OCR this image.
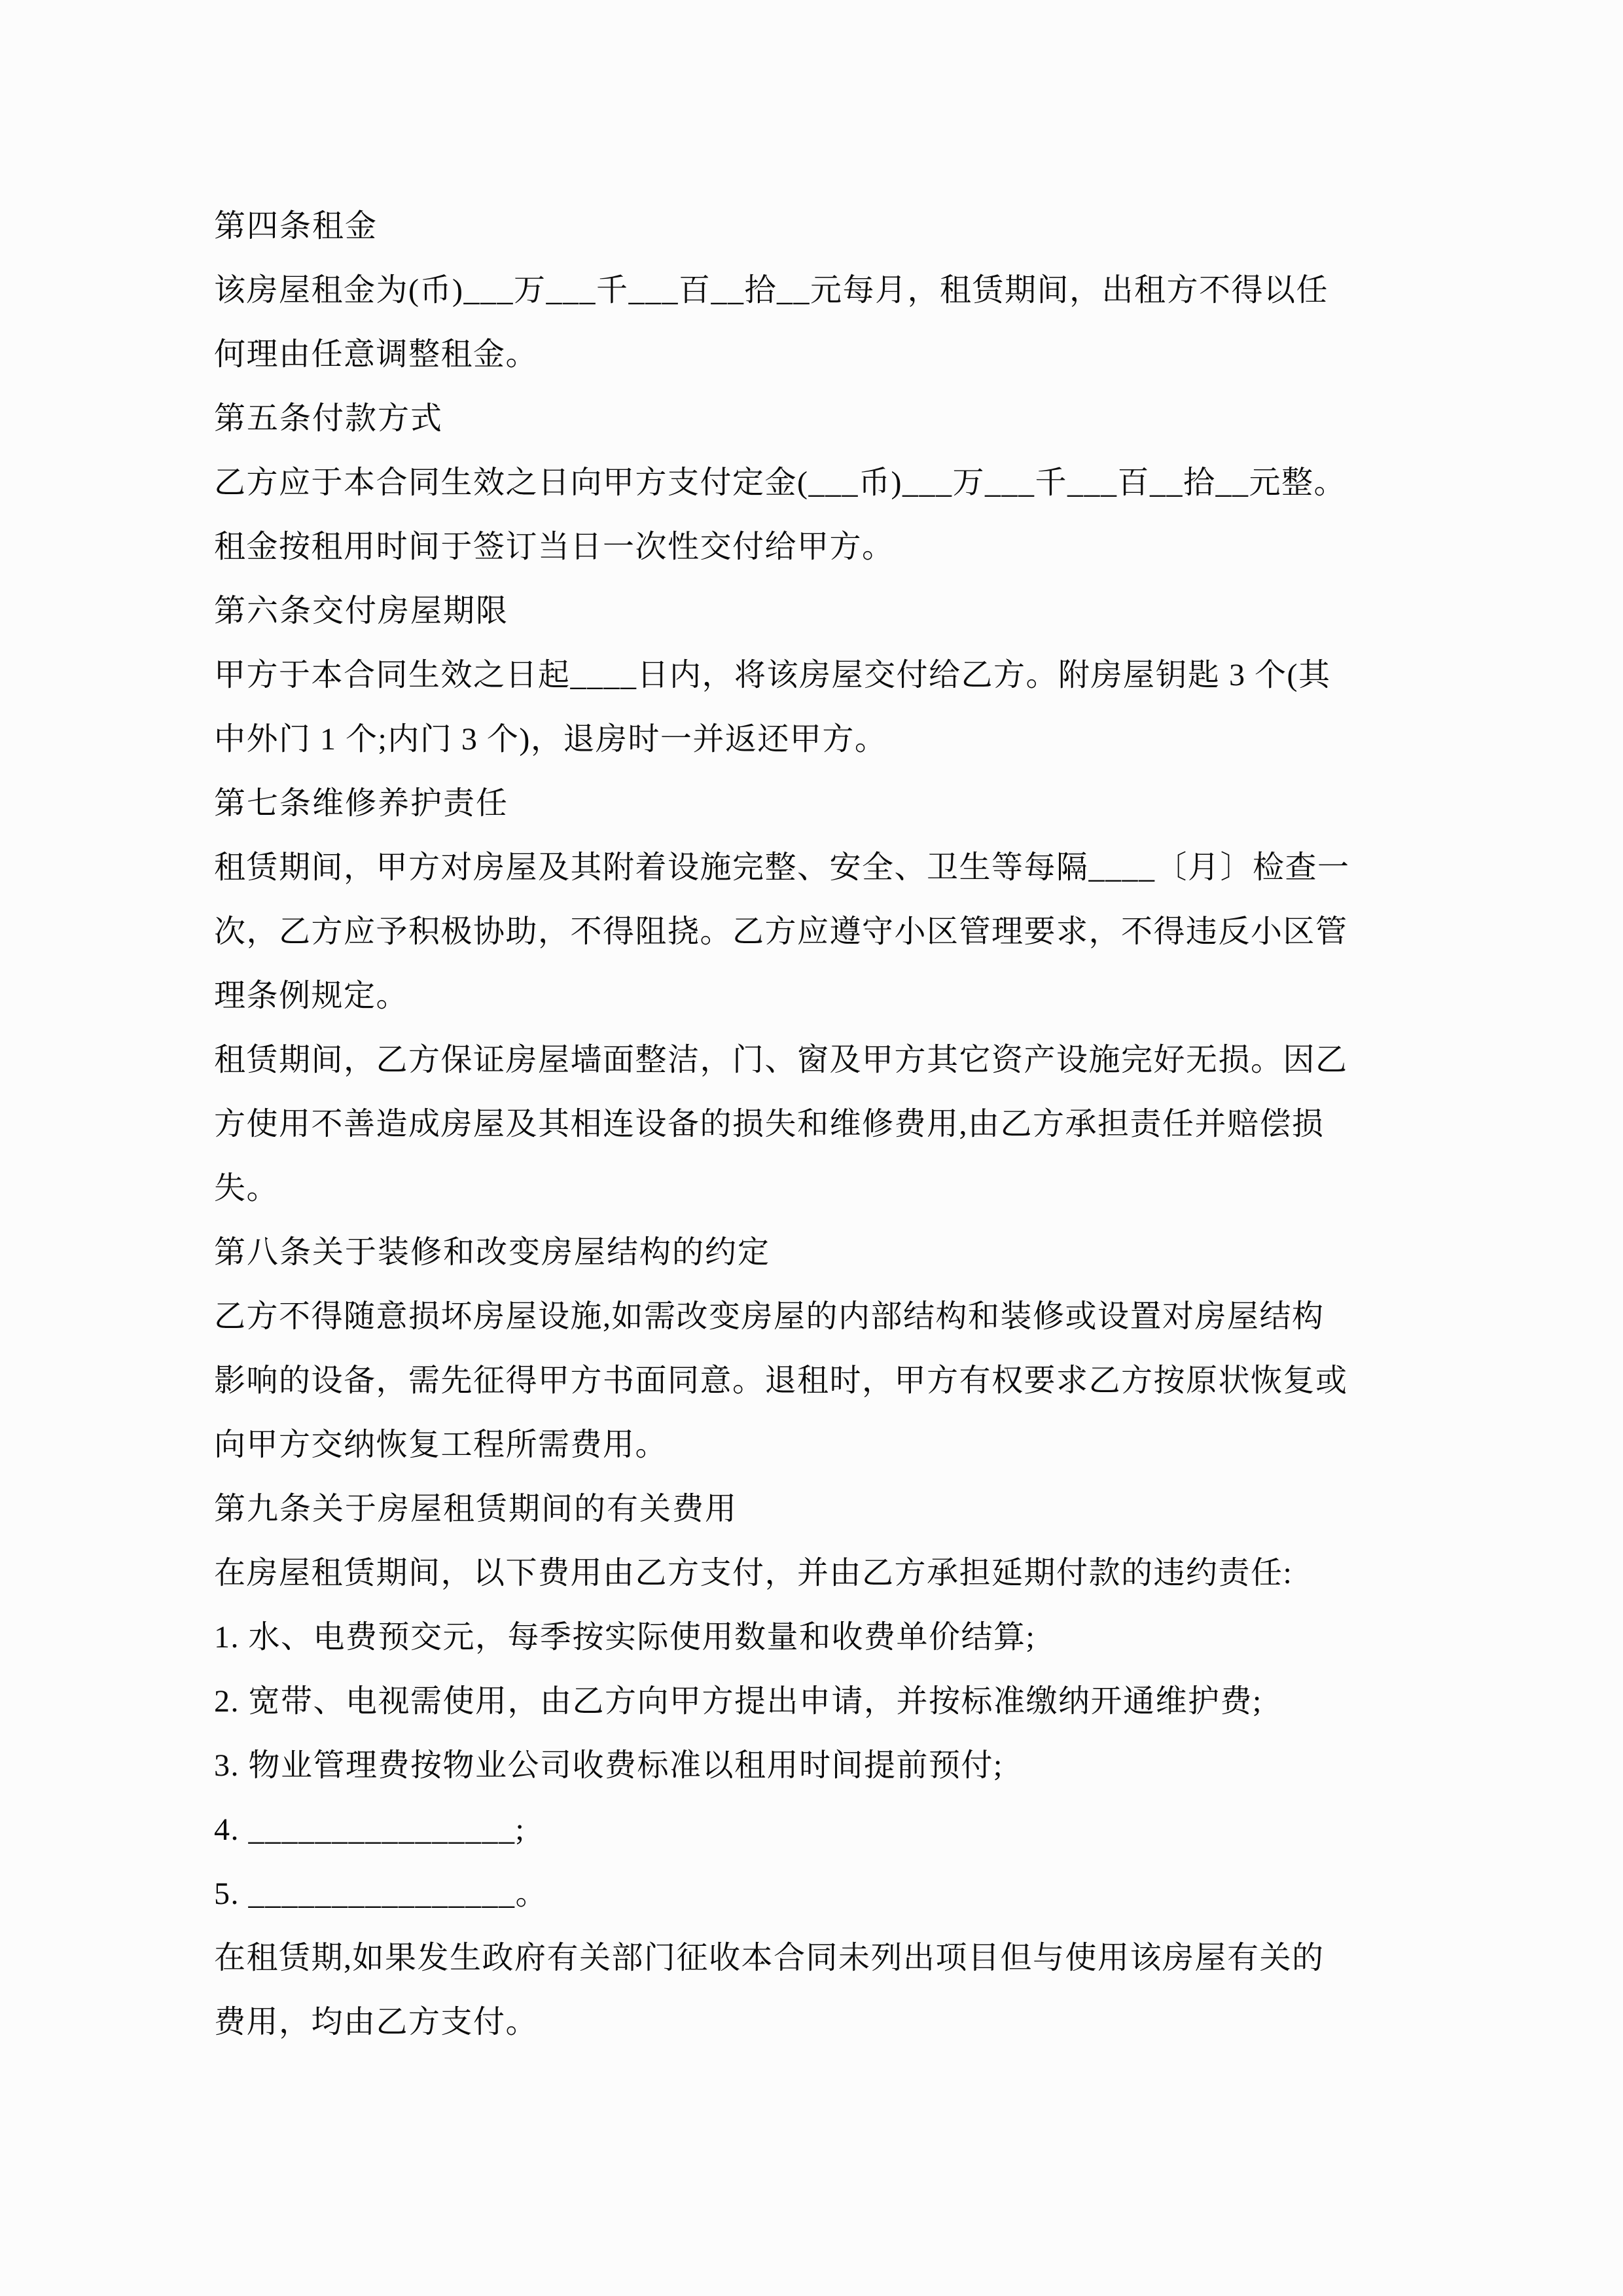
第四条租金
该房屋租金为(币)___万___千___百__拾__元每月，租赁期间，出租方不得以任
何理由任意调整租金。
第五条付款方式
乙方应于本合同生效之日向甲方支付定金(___币)___万___千___百__拾__元整。
租金按租用时间于签订当日一次性交付给甲方。
第六条交付房屋期限
甲方于本合同生效之日起____日内，将该房屋交付给乙方。附房屋钥匙 3 个(其
中外门 1 个;内门 3 个)，退房时一并返还甲方。
第七条维修养护责任
租赁期间，甲方对房屋及其附着设施完整、安全、卫生等每隔____〔月〕检查一
次，乙方应予积极协助，不得阻挠。乙方应遵守小区管理要求，不得违反小区管
理条例规定。
租赁期间，乙方保证房屋墙面整洁，门、窗及甲方其它资产设施完好无损。因乙
方使用不善造成房屋及其相连设备的损失和维修费用,由乙方承担责任并赔偿损
失。
第八条关于装修和改变房屋结构的约定
乙方不得随意损坏房屋设施,如需改变房屋的内部结构和装修或设置对房屋结构
影响的设备，需先征得甲方书面同意。退租时，甲方有权要求乙方按原状恢复或
向甲方交纳恢复工程所需费用。
第九条关于房屋租赁期间的有关费用
在房屋租赁期间，以下费用由乙方支付，并由乙方承担延期付款的违约责任:
1. 水、电费预交元，每季按实际使用数量和收费单价结算;
2. 宽带、电视需使用，由乙方向甲方提出申请，并按标准缴纳开通维护费;
3. 物业管理费按物业公司收费标准以租用时间提前预付;
4. ________________;
5. ________________。
在租赁期,如果发生政府有关部门征收本合同未列出项目但与使用该房屋有关的
费用，均由乙方支付。
